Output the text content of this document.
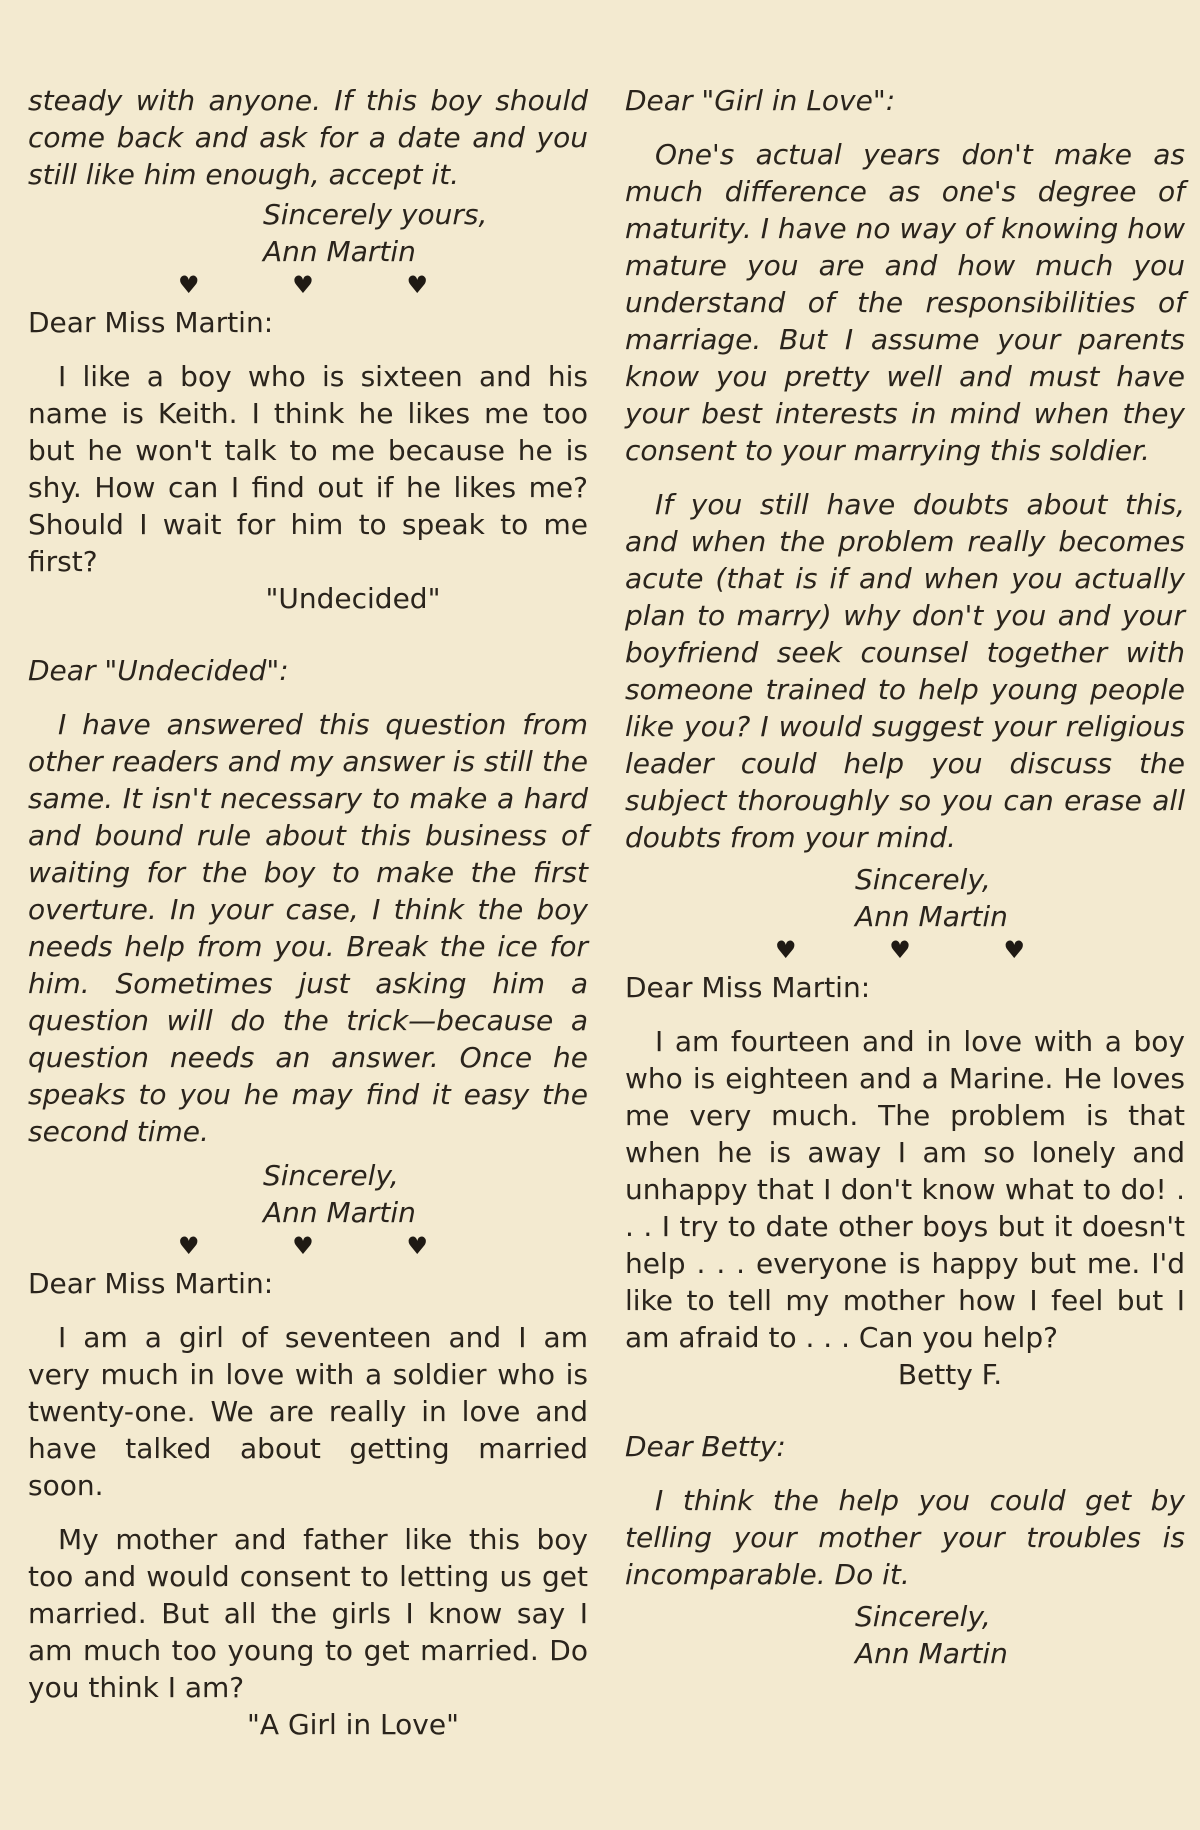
steady with anyone. If this boy should come back and ask for a date and you still like him enough, accept it.

Sincerely yours,
Ann Martin
♥	♥	♥
Dear Miss Martin:

I like a boy who is sixteen and his name is Keith. I think he likes me too but he won't talk to me because he is shy. How can I find out if he likes me? Should I wait for him to speak to me first?

"Undecided"
Dear "Undecided":

I have answered this question from other readers and my answer is still the same. It isn't necessary to make a hard and bound rule about this business of waiting for the boy to make the first overture. In your case, I think the boy needs help from you. Break the ice for him. Sometimes just asking him a question will do the trick—because a question needs an answer. Once he speaks to you he may find it easy the second time.

Sincerely,
Ann Martin
♥	♥	♥
Dear Miss Martin:

I am a girl of seventeen and I am very much in love with a soldier who is twenty-one. We are really in love and have talked about getting married soon.

My mother and father like this boy too and would consent to letting us get married. But all the girls I know say I am much too young to get married. Do you think I am?

"A Girl in Love"
Dear "Girl in Love":

One's actual years don't make as much difference as one's degree of maturity. I have no way of knowing how mature you are and how much you understand of the responsibilities of marriage. But I assume your parents know you pretty well and must have your best interests in mind when they consent to your marrying this soldier.

If you still have doubts about this, and when the problem really becomes acute (that is if and when you actually plan to marry) why don't you and your boyfriend seek counsel together with someone trained to help young people like you? I would suggest your religious leader could help you discuss the subject thoroughly so you can erase all doubts from your mind.

Sincerely,
Ann Martin
♥	♥	♥
Dear Miss Martin:

I am fourteen and in love with a boy who is eighteen and a Marine. He loves me very much. The problem is that when he is away I am so lonely and unhappy that I don't know what to do! . . . I try to date other boys but it doesn't help . . . everyone is happy but me. I'd like to tell my mother how I feel but I am afraid to . . . Can you help?

Betty F.
Dear Betty:

I think the help you could get by telling your mother your troubles is incomparable. Do it.

Sincerely,
Ann Martin
